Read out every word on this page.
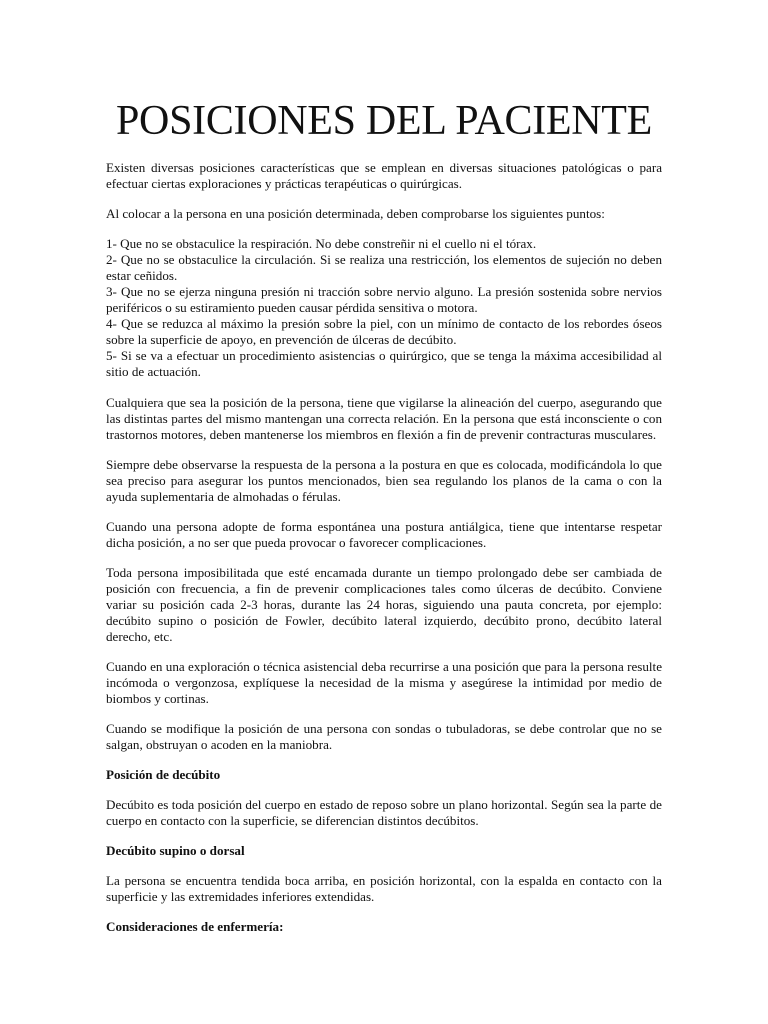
POSICIONES DEL PACIENTE

Existen diversas posiciones características que se emplean en diversas situaciones patológicas o para efectuar ciertas exploraciones y prácticas terapéuticas o quirúrgicas.

Al colocar a la persona en una posición determinada, deben comprobarse los siguientes puntos:

1- Que no se obstaculice la respiración. No debe constreñir ni el cuello ni el tórax.

2- Que no se obstaculice la circulación. Si se realiza una restricción, los elementos de sujeción no deben estar ceñidos.

3- Que no se ejerza ninguna presión ni tracción sobre nervio alguno. La presión sostenida sobre nervios periféricos o su estiramiento pueden causar pérdida sensitiva o motora.

4- Que se reduzca al máximo la presión sobre la piel, con un mínimo de contacto de los rebordes óseos sobre la superficie de apoyo, en prevención de úlceras de decúbito.

5- Si se va a efectuar un procedimiento asistencias o quirúrgico, que se tenga la máxima accesibilidad al sitio de actuación.

Cualquiera que sea la posición de la persona, tiene que vigilarse la alineación del cuerpo, asegurando que las distintas partes del mismo mantengan una correcta relación. En la persona que está inconsciente o con trastornos motores, deben mantenerse los miembros en flexión a fin de prevenir contracturas musculares.

Siempre debe observarse la respuesta de la persona a la postura en que es colocada, modificándola lo que sea preciso para asegurar los puntos mencionados, bien sea regulando los planos de la cama o con la ayuda suplementaria de almohadas o férulas.

Cuando una persona adopte de forma espontánea una postura antiálgica, tiene que intentarse respetar dicha posición, a no ser que pueda provocar o favorecer complicaciones.

Toda persona imposibilitada que esté encamada durante un tiempo prolongado debe ser cambiada de posición con frecuencia, a fin de prevenir complicaciones tales como úlceras de decúbito. Conviene variar su posición cada 2-3 horas, durante las 24 horas, siguiendo una pauta concreta, por ejemplo: decúbito supino o posición de Fowler, decúbito lateral izquierdo, decúbito prono, decúbito lateral derecho, etc.

Cuando en una exploración o técnica asistencial deba recurrirse a una posición que para la persona resulte incómoda o vergonzosa, explíquese la necesidad de la misma y asegúrese la intimidad por medio de biombos y cortinas.

Cuando se modifique la posición de una persona con sondas o tubuladoras, se debe controlar que no se salgan, obstruyan o acoden en la maniobra.

Posición de decúbito

Decúbito es toda posición del cuerpo en estado de reposo sobre un plano horizontal. Según sea la parte de cuerpo en contacto con la superficie, se diferencian distintos decúbitos.

Decúbito supino o dorsal

La persona se encuentra tendida boca arriba, en posición horizontal, con la espalda en contacto con la superficie y las extremidades inferiores extendidas.

Consideraciones de enfermería:
